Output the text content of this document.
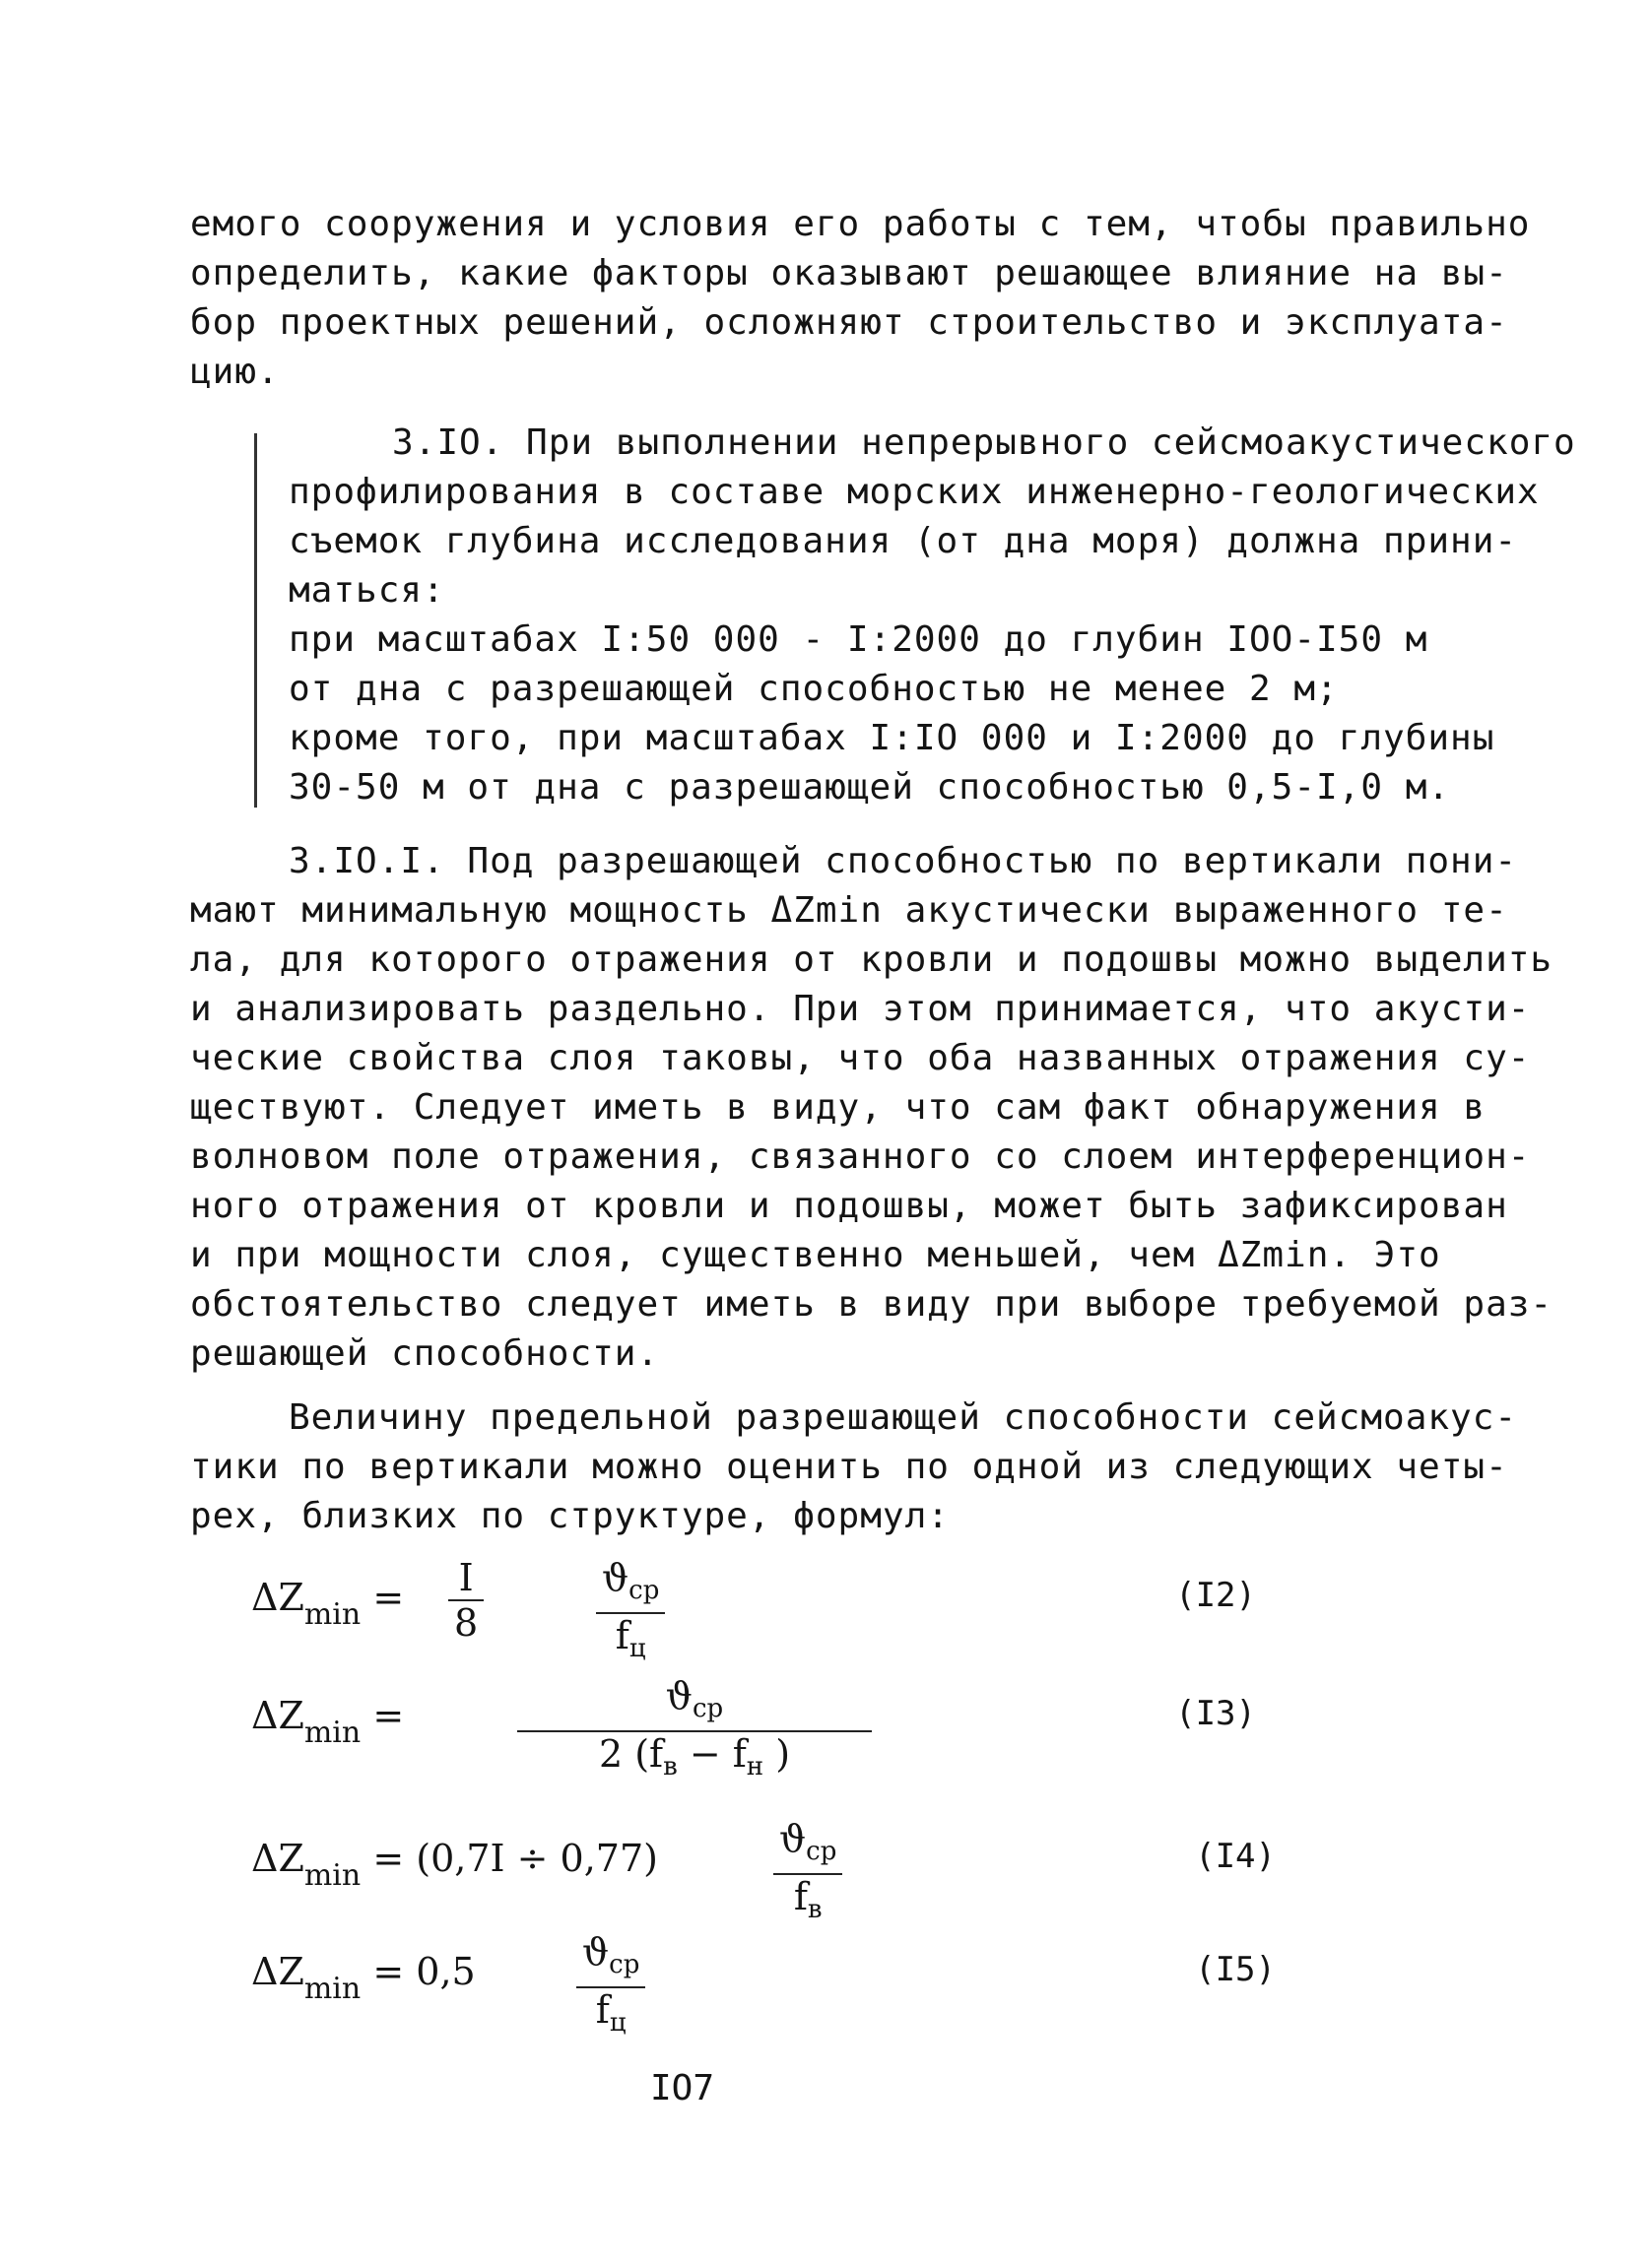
емого сооружения и условия его работы с тем, чтобы правильно
определить, какие факторы оказывают решающее влияние на вы-
бор проектных решений, осложняют строительство и эксплуата-
цию.
3.IO. При выполнении непрерывного сейсмоакустического
профилирования в составе морских инженерно-геологических
съемок глубина исследования (от дна моря) должна прини-
маться:
при масштабах I:50 000 - I:2000 до глубин IOO-I50 м
от дна с разрешающей способностью не менее 2 м;
кроме того, при масштабах I:IO 000 и I:2000 до глубины
30-50 м от дна с разрешающей способностью 0,5-I,0 м.
3.IO.I. Под разрешающей способностью по вертикали пони-
мают минимальную мощность ΔZmin акустически выраженного те-
ла, для которого отражения от кровли и подошвы можно выделить
и анализировать раздельно. При этом принимается, что акусти-
ческие свойства слоя таковы, что оба названных отражения су-
ществуют. Следует иметь в виду, что сам факт обнаружения в
волновом поле отражения, связанного со слоем интерференцион-
ного отражения от кровли и подошвы, может быть зафиксирован
и при мощности слоя, существенно меньшей, чем ΔZmin. Это
обстоятельство следует иметь в виду при выборе требуемой раз-
решающей способности.
Величину предельной разрешающей способности сейсмоакус-
тики по вертикали можно оценить по одной из следующих четы-
рех, близких по структуре, формул:
$\Delta Z_{min} = \frac{I}{8}$	$ϑ_{ср}$
$f_ц$
(I2)
$\Delta Z_{min}$ =	$ϑ_{ср}$
2 ($f_в - f_н$ )
(I3)
$\Delta Z_{min} = (0,7I \div 0,77)$	$ϑ_{ср}$
$f_в$
(I4)
$\Delta Z_{min} = 0,5$	$ϑ_{ср}$
$f_ц$
(I5)
IO7
